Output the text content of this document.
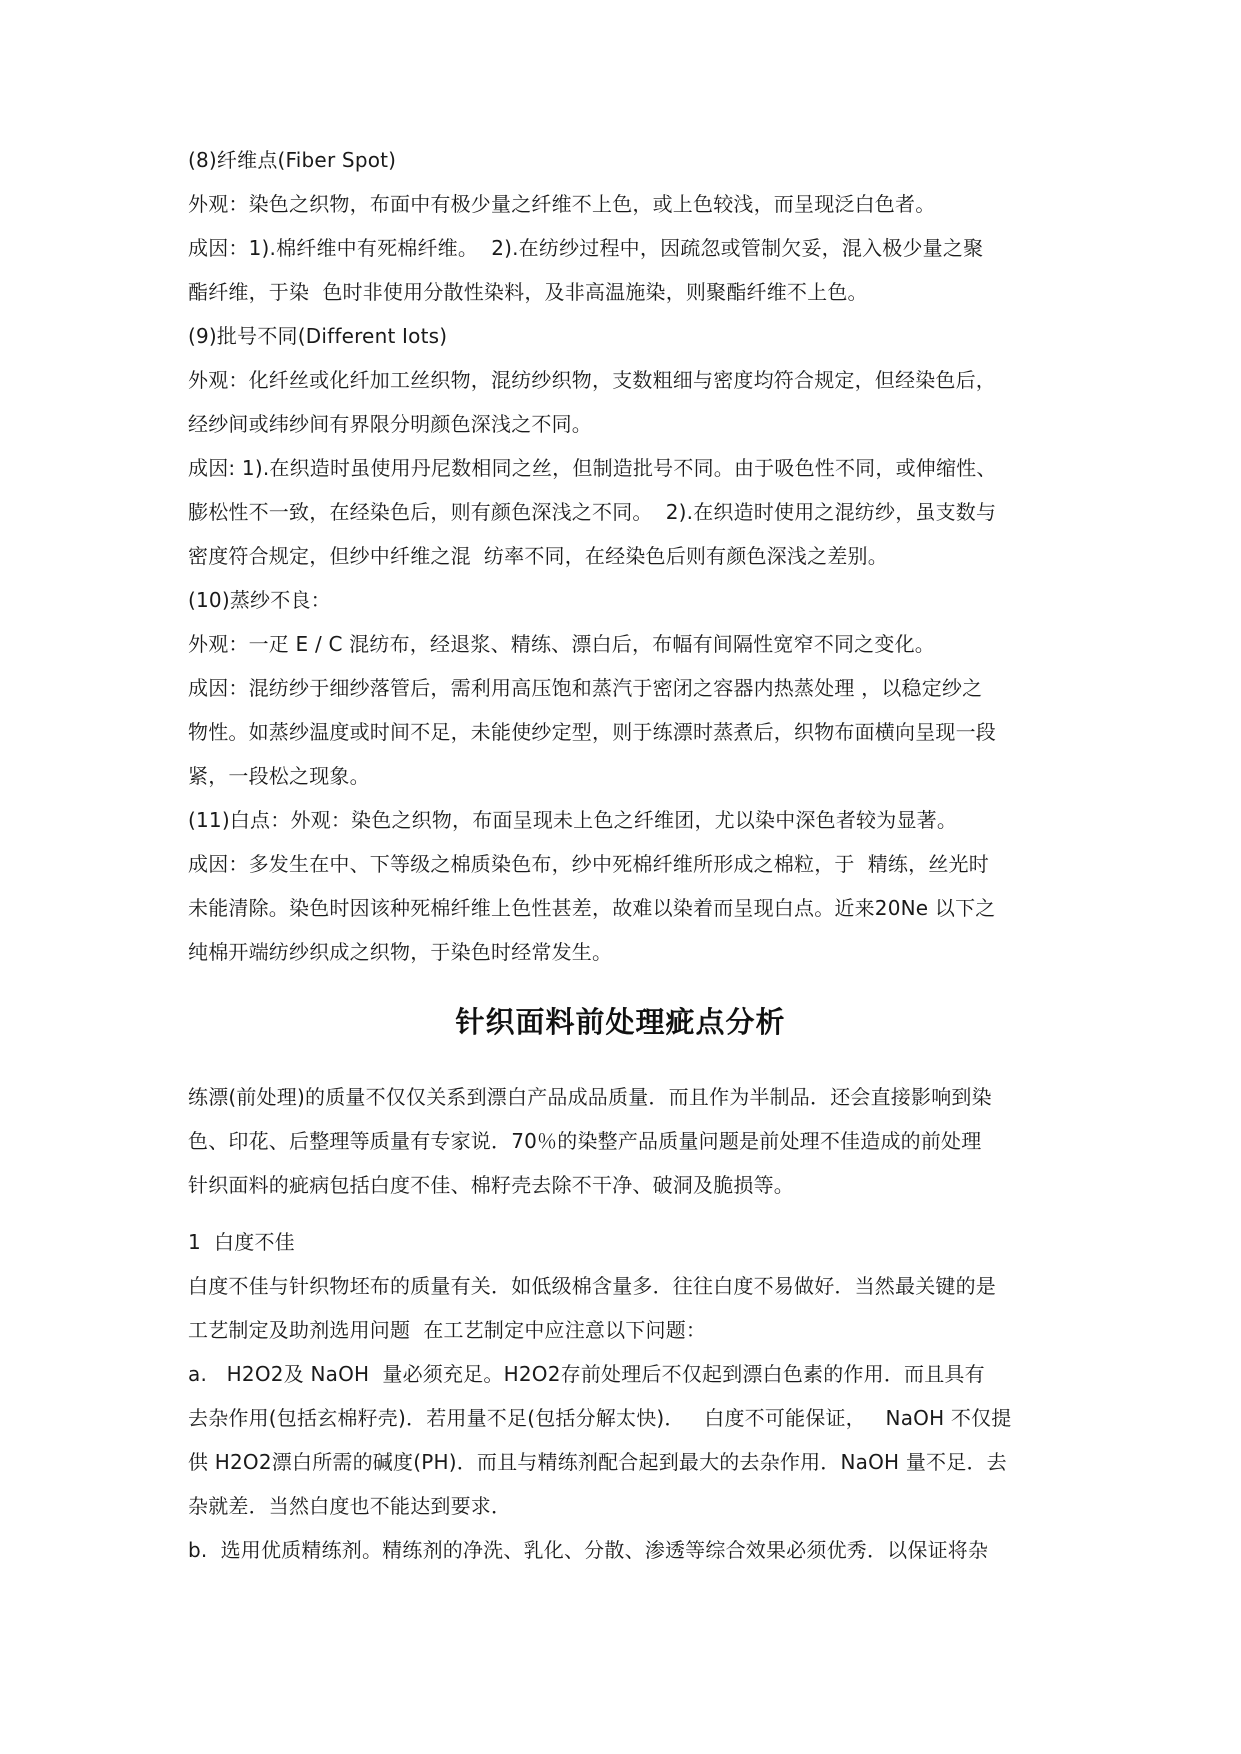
(8)纤维点(Fiber Spot)
外观：染色之织物，布面中有极少量之纤维不上色，或上色较浅，而呈现泛白色者。
成因：1).棉纤维中有死棉纤维。  2).在纺纱过程中，因疏忽或管制欠妥，混入极少量之聚
酯纤维，于染  色时非使用分散性染料，及非高温施染，则聚酯纤维不上色。
(9)批号不同(Different Iots)
外观：化纤丝或化纤加工丝织物，混纺纱织物，支数粗细与密度均符合规定，但经染色后，
经纱间或纬纱间有界限分明颜色深浅之不同。
成因: 1).在织造时虽使用丹尼数相同之丝，但制造批号不同。由于吸色性不同，或伸缩性、
膨松性不一致，在经染色后，则有颜色深浅之不同。  2).在织造时使用之混纺纱，虽支数与
密度符合规定，但纱中纤维之混  纺率不同，在经染色后则有颜色深浅之差别。
(10)蒸纱不良：
外观：一疋 E / C 混纺布，经退浆、精练、漂白后，布幅有间隔性宽窄不同之变化。
成因：混纺纱于细纱落管后，需利用高压饱和蒸汽于密闭之容器内热蒸处理 ，以稳定纱之
物性。如蒸纱温度或时间不足，未能使纱定型，则于练漂时蒸煮后，织物布面横向呈现一段
紧，一段松之现象。
(11)白点：外观：染色之织物，布面呈现未上色之纤维团，尤以染中深色者较为显著。
成因：多发生在中、下等级之棉质染色布，纱中死棉纤维所形成之棉粒，于  精练，丝光时
未能清除。染色时因该种死棉纤维上色性甚差，故难以染着而呈现白点。近来20Ne 以下之
纯棉开端纺纱织成之织物，于染色时经常发生。
针织面料前处理疵点分析
练漂(前处理)的质量不仅仅关系到漂白产品成品质量．而且作为半制品．还会直接影响到染
色、印花、后整理等质量有专家说．70％的染整产品质量问题是前处理不佳造成的前处理
针织面料的疵病包括白度不佳、棉籽壳去除不干净、破洞及脆损等。
1  白度不佳
白度不佳与针织物坯布的质量有关．如低级棉含量多．往往白度不易做好．当然最关键的是
工艺制定及助剂选用问题  在工艺制定中应注意以下问题：
a.   H2O2及 NaOH  量必须充足。H2O2存前处理后不仅起到漂白色素的作用．而且具有
去杂作用(包括玄棉籽壳)．若用量不足(包括分解太快)．   白度不可能保证，   NaOH 不仅提
供 H2O2漂白所需的碱度(PH)．而且与精练剂配合起到最大的去杂作用．NaOH 量不足．去
杂就差．当然白度也不能达到要求．
b.  选用优质精练剂。精练剂的净洗、乳化、分散、渗透等综合效果必须优秀．以保证将杂
